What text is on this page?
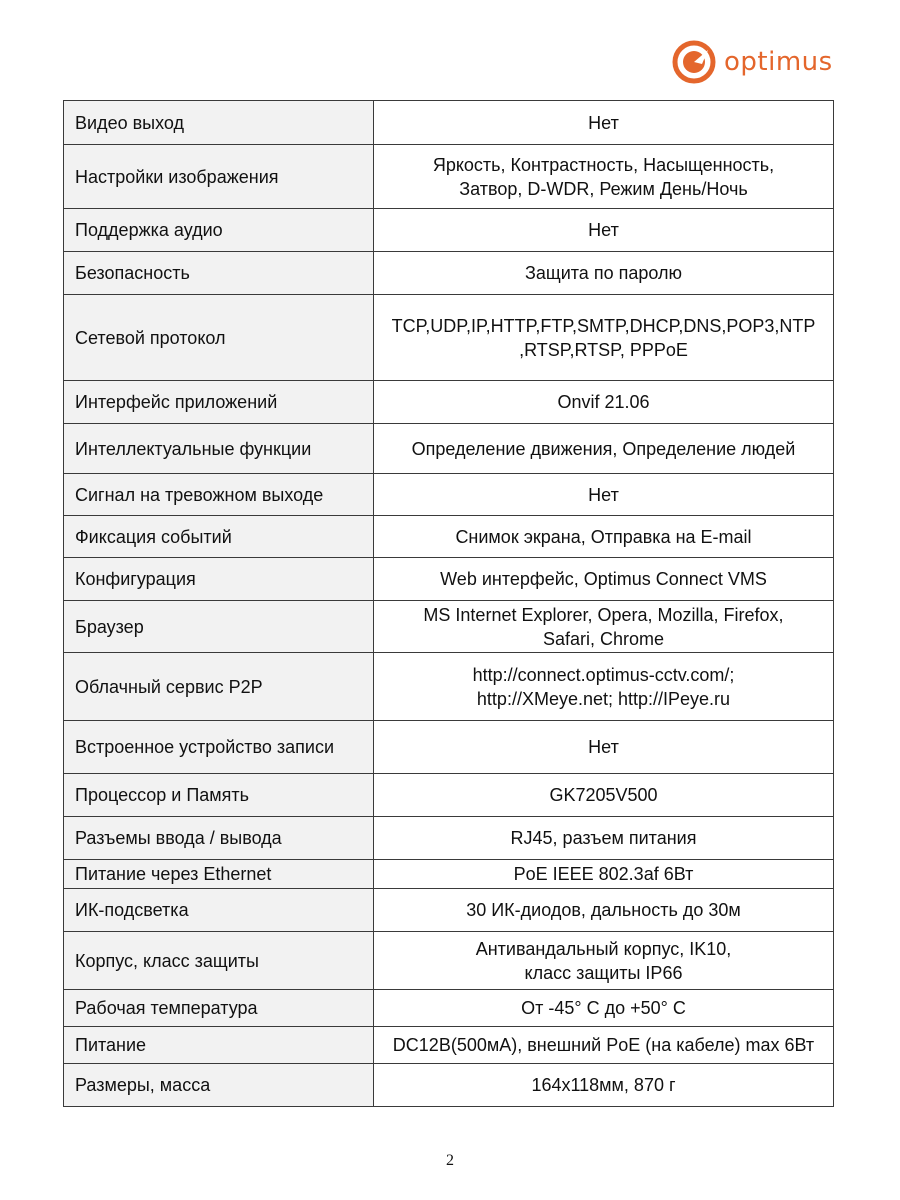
optimus
Видео выход	Нет

Настройки изображения	Яркость, Контрастность, Насыщенность,
Затвор, D-WDR, Режим День/Ночь

Поддержка аудио	Нет

Безопасность	Защита по паролю

Сетевой протокол	TCP,UDP,IP,HTTP,FTP,SMTP,DHCP,DNS,POP3,NTP
,RTSP,RTSP, PPPoE

Интерфейс приложений	Onvif 21.06

Интеллектуальные функции	Определение движения, Определение людей

Сигнал на тревожном выходе	Нет

Фиксация событий	Снимок экрана, Отправка на E-mail

Конфигурация	Web интерфейс, Optimus Connect VMS

Браузер	MS Internet Explorer, Opera, Mozilla, Firefox,
Safari, Chrome

Облачный сервис P2P	http://connect.optimus-cctv.com/;
http://XMeye.net; http://IPeye.ru

Встроенное устройство записи	Нет

Процессор и Память	GK7205V500

Разъемы ввода / вывода	RJ45, разъем питания

Питание через Ethernet	PoE IEEE 802.3af 6Вт

ИК-подсветка	30 ИК-диодов, дальность до 30м

Корпус, класс защиты	Антивандальный корпус, IK10,
класс защиты IP66

Рабочая температура	От -45° С до +50° С

Питание	DC12В(500мА), внешний PoE (на кабеле) max 6Вт

Размеры, масса	164x118мм, 870 г
2
